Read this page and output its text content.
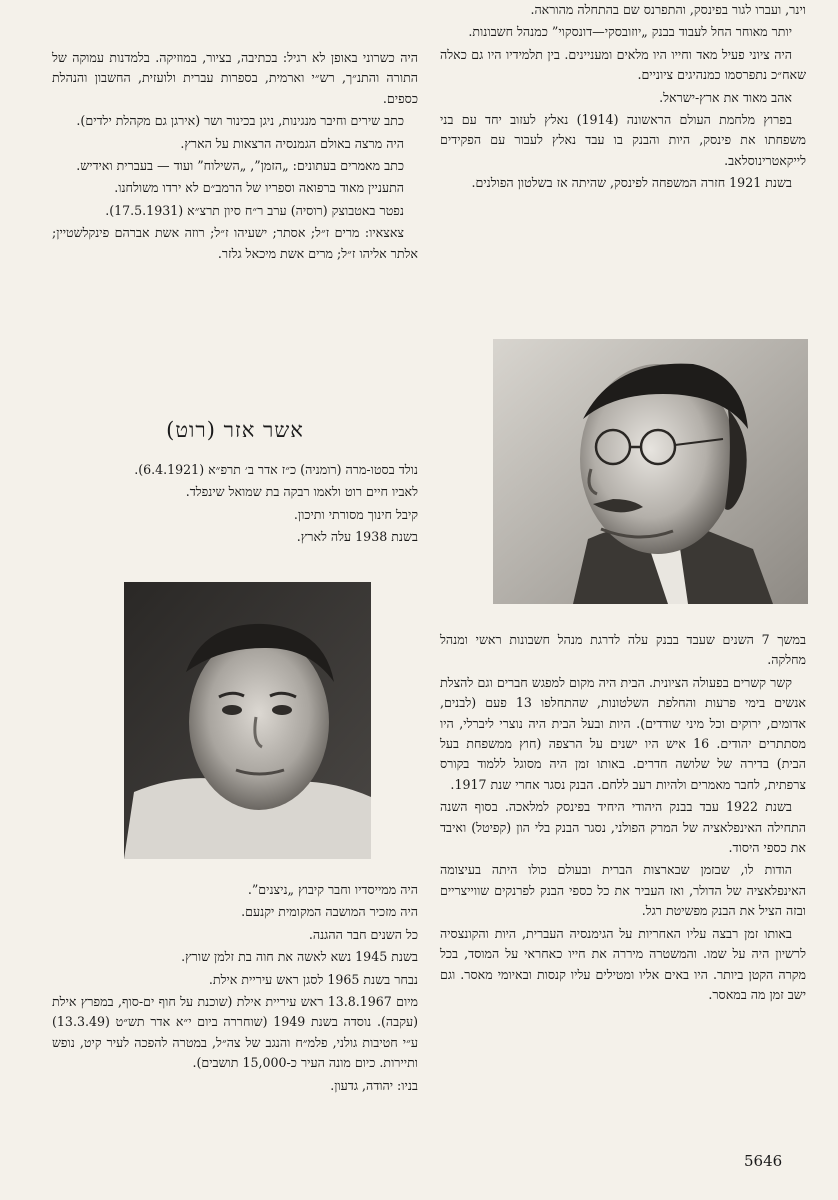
וינר, ועברו לגור בפינסק, והתפרנס שם בהתחלה מהוראה.

יותר מאוחר החל לעבוד בבנק „יוזובסקי—דונסקוי” כמנהל חשבונות.

היה ציוני פעיל מאד וחייו היו מלאים ומעניינים. בין תלמידיו היו גם כאלה שאח״כ נתפרסמו כמנהיגים ציוניים.

אהב מאוד את ארץ-ישראל.

בפרוץ מלחמת העולם הראשונה (1914) נאלץ לעזוב יחד עם בני משפחתו את פינסק, היות והבנק בו עבד נאלץ לעבור עם הפקידים לייקאטרינוסלאב.

בשנת 1921 חזרה המשפחה לפינסק, שהיתה אז בשלטון הפולנים.

במשך 7 השנים שעבד בבנק עלה לדרגת מנהל חשבונות ראשי ומנהל מחלקה.

קשר קשרים בפעולה הציונית. הבית היה מקום למפגש חברים וגם להצלת אנשים בימי פרעות והחלפת השלטונות, שהתחלפו 13 פעם (לבנים, אדומים, ירוקים וכל מיני שודדים). היות ובעל הבית היה נוצרי ליברלי, היו מסתתרים יהודים. 16 איש היו ישנים על הרצפה (חוץ ממשפחת בעל הבית) בדירה של שלושה חדרים. באותו זמן היה מסוגל ללמוד בקורס צרפתית, לחבר מאמרים ולהיות רעב ללחם. הבנק נסגר אחרי שנת 1917.

בשנת 1922 עבד בבנק היהודי היחיד בפינסק למלאכה. בסוף השנה התחילה האינפלאציה של המרק הפולני, נסגר הבנק בלי הון (קפיטל) ואיבד את כספי היסוד.

הודות לו, שבזמן שבארצות הברית ובעולם כולו היתה בעיצומה האינפלאציה של הדולר, ואז העביר את כל כספי הבנק לפרנקים שווייצריים ובזה הציל את הבנק מפשיטת רגל.

באותו זמן רבצה עליו האחריות על הגימנסיה העברית, היות והקונצסיה לרשיון היה על שמו. והמשטרה מיררה את חייו כאחראי על המוסד, בכל מקרה הקטן ביותר. היו באים אליו ומטילים עליו קנסות ובאיומי מאסר. וגם ישב זמן מה במאסר.

היה כשרוני באופן לא רגיל: בכתיבה, בציור, במוזיקה. בלמדנות עמוקה של התורה והתנ״ך, רש״י וארמית, בספרות עברית ולועזית, החשבון והנהלת כספים.

כתב שירים וחיבר מנגינות, ניגן בכינור ושר (אירגן גם מקהלת ילדים).

היה מרצה באולם הגמנסיה הרצאות על הארץ.

כתב מאמרים בעתונים: „הזמן”, „השילוח” ועוד — בעברית ואידיש.

התעניין מאוד ברפואה וספריו של הרמב״ם לא ירדו משולחנו.

נפטר באטבוצק (רוסיה) ערב ר״ח סיון תרצ״א (17.5.1931).

צאצאיו: מרים ז״ל; אסתר; ישעיהו ז״ל; רוזה אשת אברהם פינקלשטיין; אלתר אליהו ז״ל; מרים אשת מיכאל גלזר.

אשר אזר (רוט)

נולד בסטו-מרה (רומניה) כ״ז אדר ב׳ תרפ״א (6.4.1921).

לאביו חיים רוט ולאמו רבקה בת שמואל שינפלד.

קיבל חינוך מסורתי ותיכון.

בשנת 1938 עלה לארץ.

היה ממייסדיו וחבר קיבוץ „ניצנים”.

היה מזכיר המושבה המקומית יקנעם.

כל השנים חבר ההגנה.

בשנת 1945 נשא לאשה את חוה בת זלמן שורץ.

נבחר בשנת 1965 לסגן ראש עיריית אילת.

מיום 13.8.1967 ראש עיריית אילת (שוכנת על חוף ים-סוף, במפרץ אילת (עקבה). נוסדה בשנת 1949 (שוחררה ביום י״א אדר תש״ט (13.3.49) ע״י חטיבות גולני, פלמ״ח והנגב של צה״ל, במטרה להפכה לעיר קיט, נופש ותיירות. כיום מונה העיר כ-15,000 תושבים).

בניו: יהודה, גדעון.

5646
